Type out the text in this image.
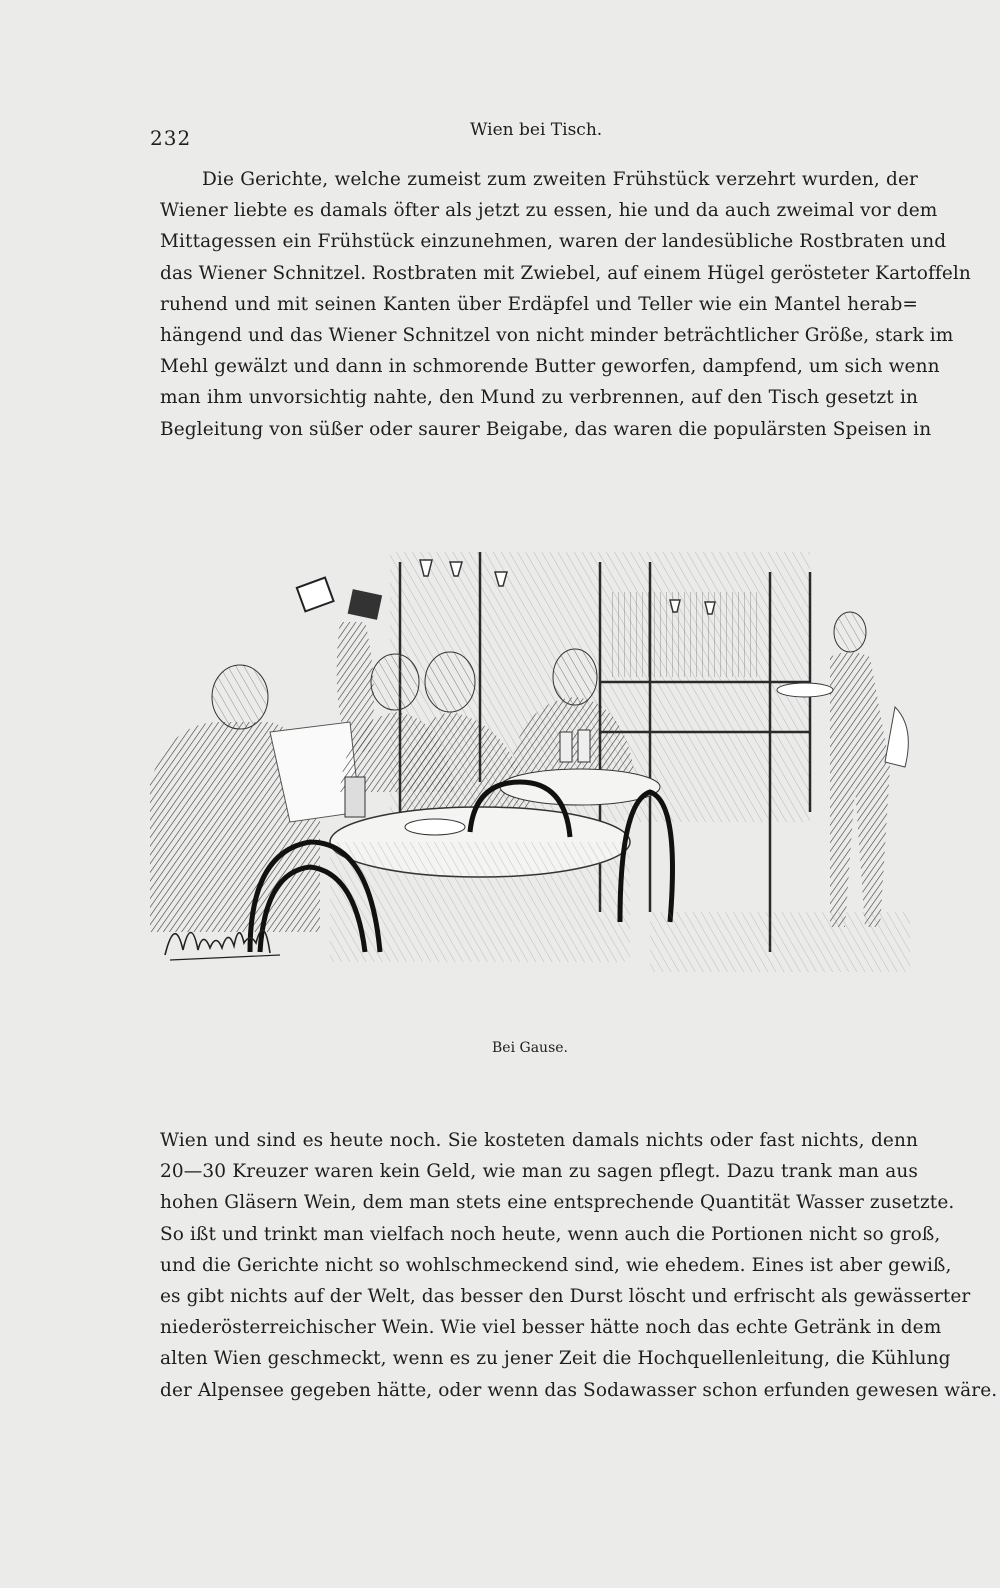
232	Wien bei Tisch.
Die Gerichte, welche zumeist zum zweiten Frühstück verzehrt wurden, der
Wiener liebte es damals öfter als jetzt zu essen, hie und da auch zweimal vor dem
Mittagessen ein Frühstück einzunehmen, waren der landesübliche Rostbraten und
das Wiener Schnitzel. Rostbraten mit Zwiebel, auf einem Hügel gerösteter Kartoffeln
ruhend und mit seinen Kanten über Erdäpfel und Teller wie ein Mantel herab=
hängend und das Wiener Schnitzel von nicht minder beträchtlicher Größe, stark im
Mehl gewälzt und dann in schmorende Butter geworfen, dampfend, um sich wenn
man ihm unvorsichtig nahte, den Mund zu verbrennen, auf den Tisch gesetzt in
Begleitung von süßer oder saurer Beigabe, das waren die populärsten Speisen in
Bei Gause.
Wien und sind es heute noch. Sie kosteten damals nichts oder fast nichts, denn
20—30 Kreuzer waren kein Geld, wie man zu sagen pflegt. Dazu trank man aus
hohen Gläsern Wein, dem man stets eine entsprechende Quantität Wasser zusetzte.
So ißt und trinkt man vielfach noch heute, wenn auch die Portionen nicht so groß,
und die Gerichte nicht so wohlschmeckend sind, wie ehedem. Eines ist aber gewiß,
es gibt nichts auf der Welt, das besser den Durst löscht und erfrischt als gewässerter
niederösterreichischer Wein. Wie viel besser hätte noch das echte Getränk in dem
alten Wien geschmeckt, wenn es zu jener Zeit die Hochquellenleitung, die Kühlung
der Alpensee gegeben hätte, oder wenn das Sodawasser schon erfunden gewesen wäre.
